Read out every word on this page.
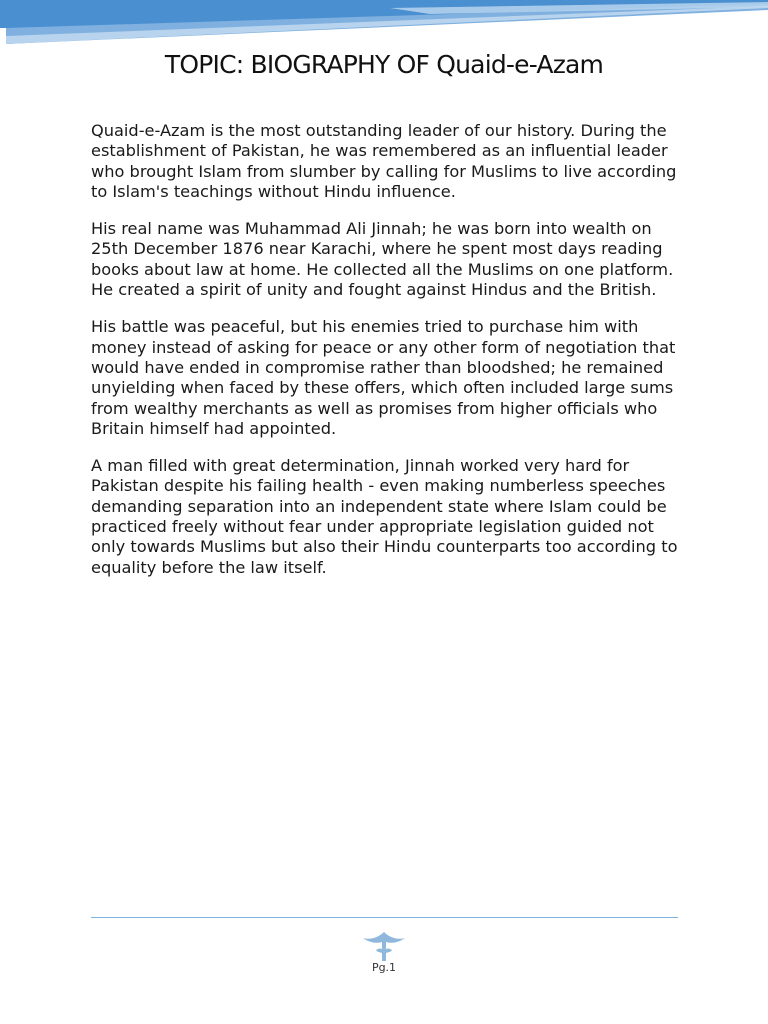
TOPIC: BIOGRAPHY OF Quaid-e-Azam

Quaid-e-Azam is the most outstanding leader of our history. During the establishment of Pakistan, he was remembered as an influential leader who brought Islam from slumber by calling for Muslims to live according to Islam's teachings without Hindu influence.

His real name was Muhammad Ali Jinnah; he was born into wealth on 25th December 1876 near Karachi, where he spent most days reading books about law at home. He collected all the Muslims on one platform. He created a spirit of unity and fought against Hindus and the British.

His battle was peaceful, but his enemies tried to purchase him with money instead of asking for peace or any other form of negotiation that would have ended in compromise rather than bloodshed; he remained unyielding when faced by these offers, which often included large sums from wealthy merchants as well as promises from higher officials who Britain himself had appointed.

A man filled with great determination, Jinnah worked very hard for Pakistan despite his failing health - even making numberless speeches demanding separation into an independent state where Islam could be practiced freely without fear under appropriate legislation guided not only towards Muslims but also their Hindu counterparts too according to equality before the law itself.

Pg.1
